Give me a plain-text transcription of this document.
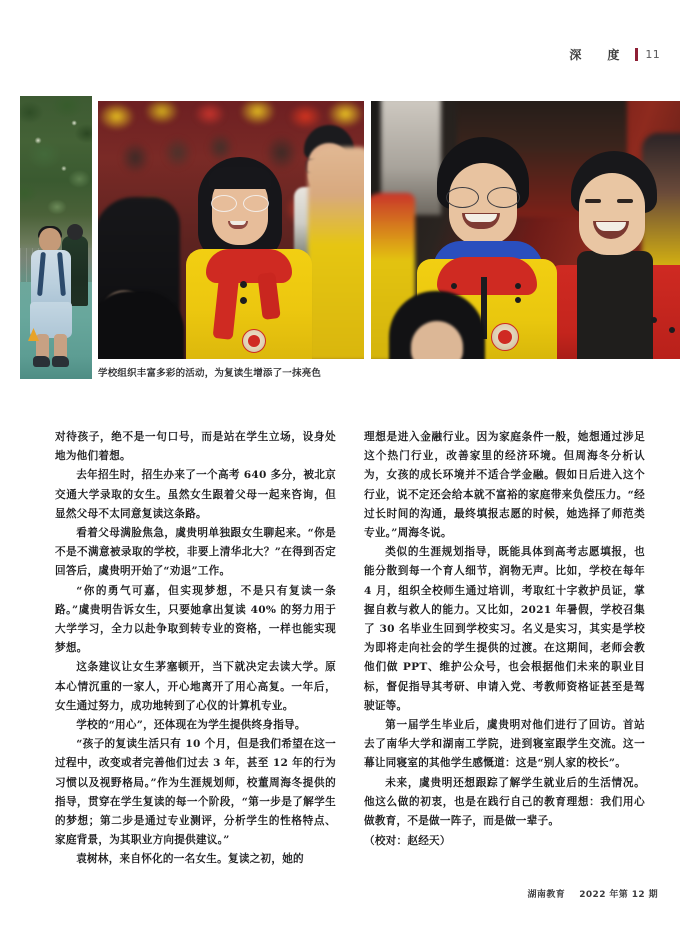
深　度 11
学校组织丰富多彩的活动，为复读生增添了一抹亮色

对待孩子，绝不是一句口号，而是站在学生立场，设身处地为他们着想。

去年招生时，招生办来了一个高考 640 多分，被北京交通大学录取的女生。虽然女生跟着父母一起来咨询，但显然父母不太同意复读这条路。

看着父母满脸焦急，虞贵明单独跟女生聊起来。“你是不是不满意被录取的学校，非要上清华北大？”在得到否定回答后，虞贵明开始了“劝退”工作。

“你的勇气可嘉，但实现梦想，不是只有复读一条路。”虞贵明告诉女生，只要她拿出复读 40% 的努力用于大学学习，全力以赴争取到转专业的资格，一样也能实现梦想。

这条建议让女生茅塞顿开，当下就决定去读大学。原本心情沉重的一家人，开心地离开了用心高复。一年后，女生通过努力，成功地转到了心仪的计算机专业。

学校的“用心”，还体现在为学生提供终身指导。

“孩子的复读生活只有 10 个月，但是我们希望在这一过程中，改变或者完善他们过去 3 年，甚至 12 年的行为习惯以及视野格局。”作为生涯规划师，校董周海冬提供的指导，贯穿在学生复读的每一个阶段，“第一步是了解学生的梦想；第二步是通过专业测评，分析学生的性格特点、家庭背景，为其职业方向提供建议。”

袁树林，来自怀化的一名女生。复读之初，她的

理想是进入金融行业。因为家庭条件一般，她想通过涉足这个热门行业，改善家里的经济环境。但周海冬分析认为，女孩的成长环境并不适合学金融。假如日后进入这个行业，说不定还会给本就不富裕的家庭带来负偿压力。“经过长时间的沟通，最终填报志愿的时候，她选择了师范类专业。”周海冬说。

类似的生涯规划指导，既能具体到高考志愿填报，也能分散到每一个育人细节，润物无声。比如，学校在每年 4 月，组织全校师生通过培训，考取红十字救护员证，掌握自救与救人的能力。又比如，2021 年暑假，学校召集了 30 名毕业生回到学校实习。名义是实习，其实是学校为即将走向社会的学生提供的过渡。在这期间，老师会教他们做 PPT、维护公众号，也会根据他们未来的职业目标，督促指导其考研、申请入党、考教师资格证甚至是驾驶证等。

第一届学生毕业后，虞贵明对他们进行了回访。首站去了南华大学和湖南工学院，进到寝室跟学生交流。这一幕让同寝室的其他学生感慨道：这是“别人家的校长”。

未来，虞贵明还想跟踪了解学生就业后的生活情况。他这么做的初衷，也是在践行自己的教育理想：我们用心做教育，不是做一阵子，而是做一辈子。

（校对：赵经天）

湖南教育 2022 年第 12 期
